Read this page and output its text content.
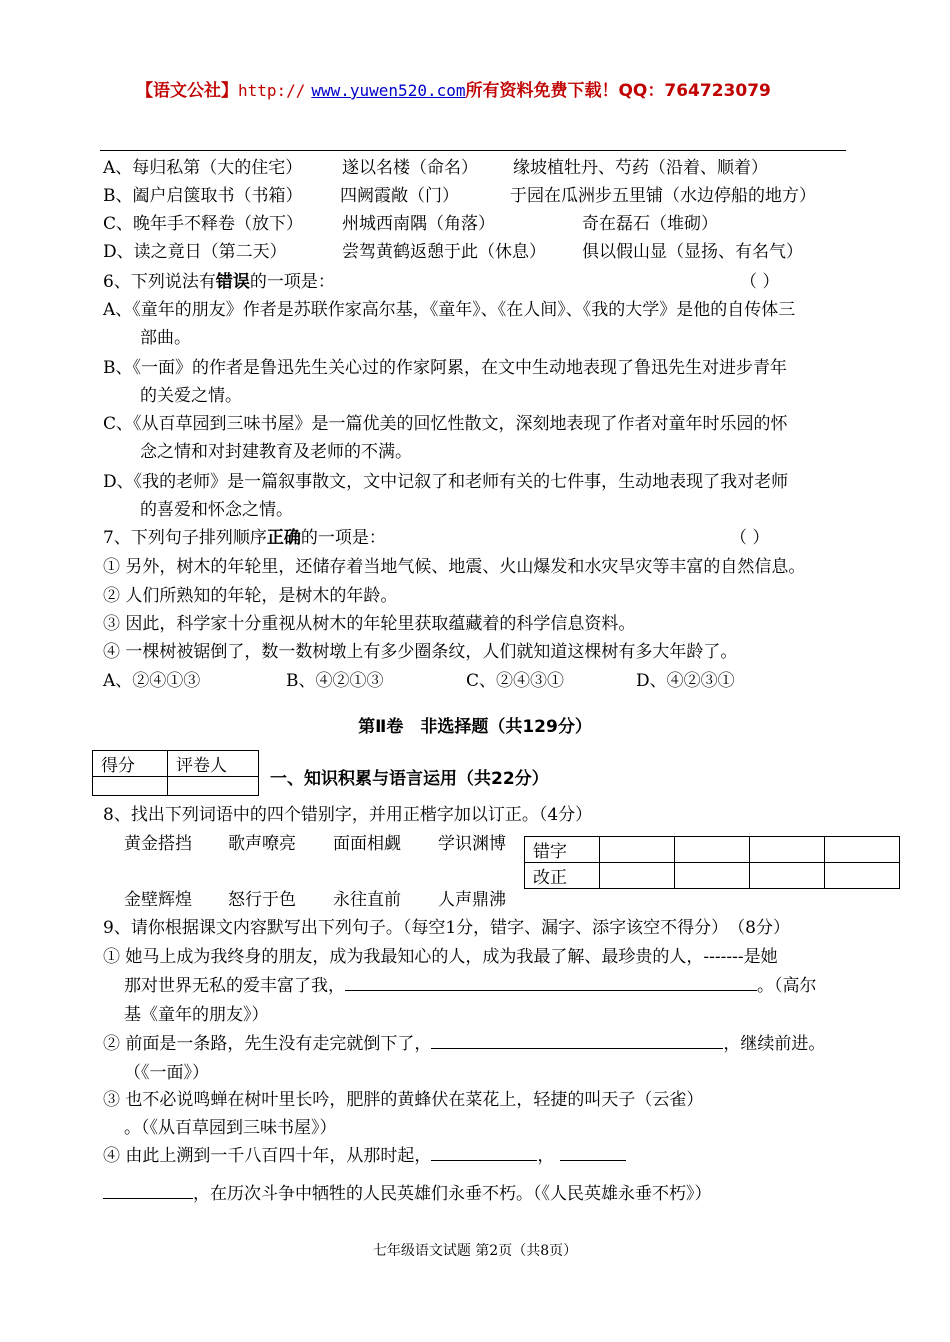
【语文公社】http:// www.yuwen520.com所有资料免费下载！QQ：764723079
A、每归私第（大的住宅） 遂以名楼（命名） 缘坡植牡丹、芍药（沿着、顺着）
B、阖户启箧取书（书箱） 四阙霞敞（门）	于园在瓜洲步五里铺（水边停船的地方）
C、晚年手不释卷（放下） 州城西南隅（角落）	奇在磊石（堆砌）
D、读之竟日（第二天）	尝驾黄鹤返憩于此（休息） 俱以假山显（显扬、有名气）
6、下列说法有错误的一项是：	（ ）
A、《童年的朋友》作者是苏联作家高尔基，《童年》、《在人间》、《我的大学》是他的自传体三
部曲。
B、《一面》的作者是鲁迅先生关心过的作家阿累，在文中生动地表现了鲁迅先生对进步青年
的关爱之情。
C、《从百草园到三味书屋》是一篇优美的回忆性散文，深刻地表现了作者对童年时乐园的怀
念之情和对封建教育及老师的不满。
D、《我的老师》是一篇叙事散文，文中记叙了和老师有关的七件事，生动地表现了我对老师
的喜爱和怀念之情。
7、下列句子排列顺序正确的一项是：	（ ）
① 另外，树木的年轮里，还储存着当地气候、地震、火山爆发和水灾旱灾等丰富的自然信息。
② 人们所熟知的年轮，是树木的年龄。
③ 因此，科学家十分重视从树木的年轮里获取蕴藏着的科学信息资料。
④ 一棵树被锯倒了，数一数树墩上有多少圈条纹，人们就知道这棵树有多大年龄了。
A、②④①③	B、④②①③	C、②④③①	D、④②③①
第Ⅱ卷　非选择题（共129分）
得分	评卷人

一、知识积累与语言运用（共22分）
8、找出下列词语中的四个错别字，并用正楷字加以订正。（4分）
黄金搭挡 歌声嘹亮 面面相觑 学识渊博
金壁辉煌 怒行于色 永往直前 人声鼎沸
错字				
改正				
9、请你根据课文内容默写出下列句子。（每空1分，错字、漏字、添字该空不得分）　（8分）
① 她马上成为我终身的朋友，成为我最知心的人，成为我最了解、最珍贵的人，-------是她
那对世界无私的爱丰富了我，	。（高尔
基《童年的朋友》）
② 前面是一条路，先生没有走完就倒下了，	，继续前进。
（《一面》）
③ 也不必说鸣蝉在树叶里长吟，肥胖的黄蜂伏在菜花上，轻捷的叫天子（云雀）
。（《从百草园到三味书屋》）
④ 由此上溯到一千八百四十年，从那时起，	，
，在历次斗争中牺牲的人民英雄们永垂不朽。（《人民英雄永垂不朽》）
七年级语文试题 第2页（共8页）
